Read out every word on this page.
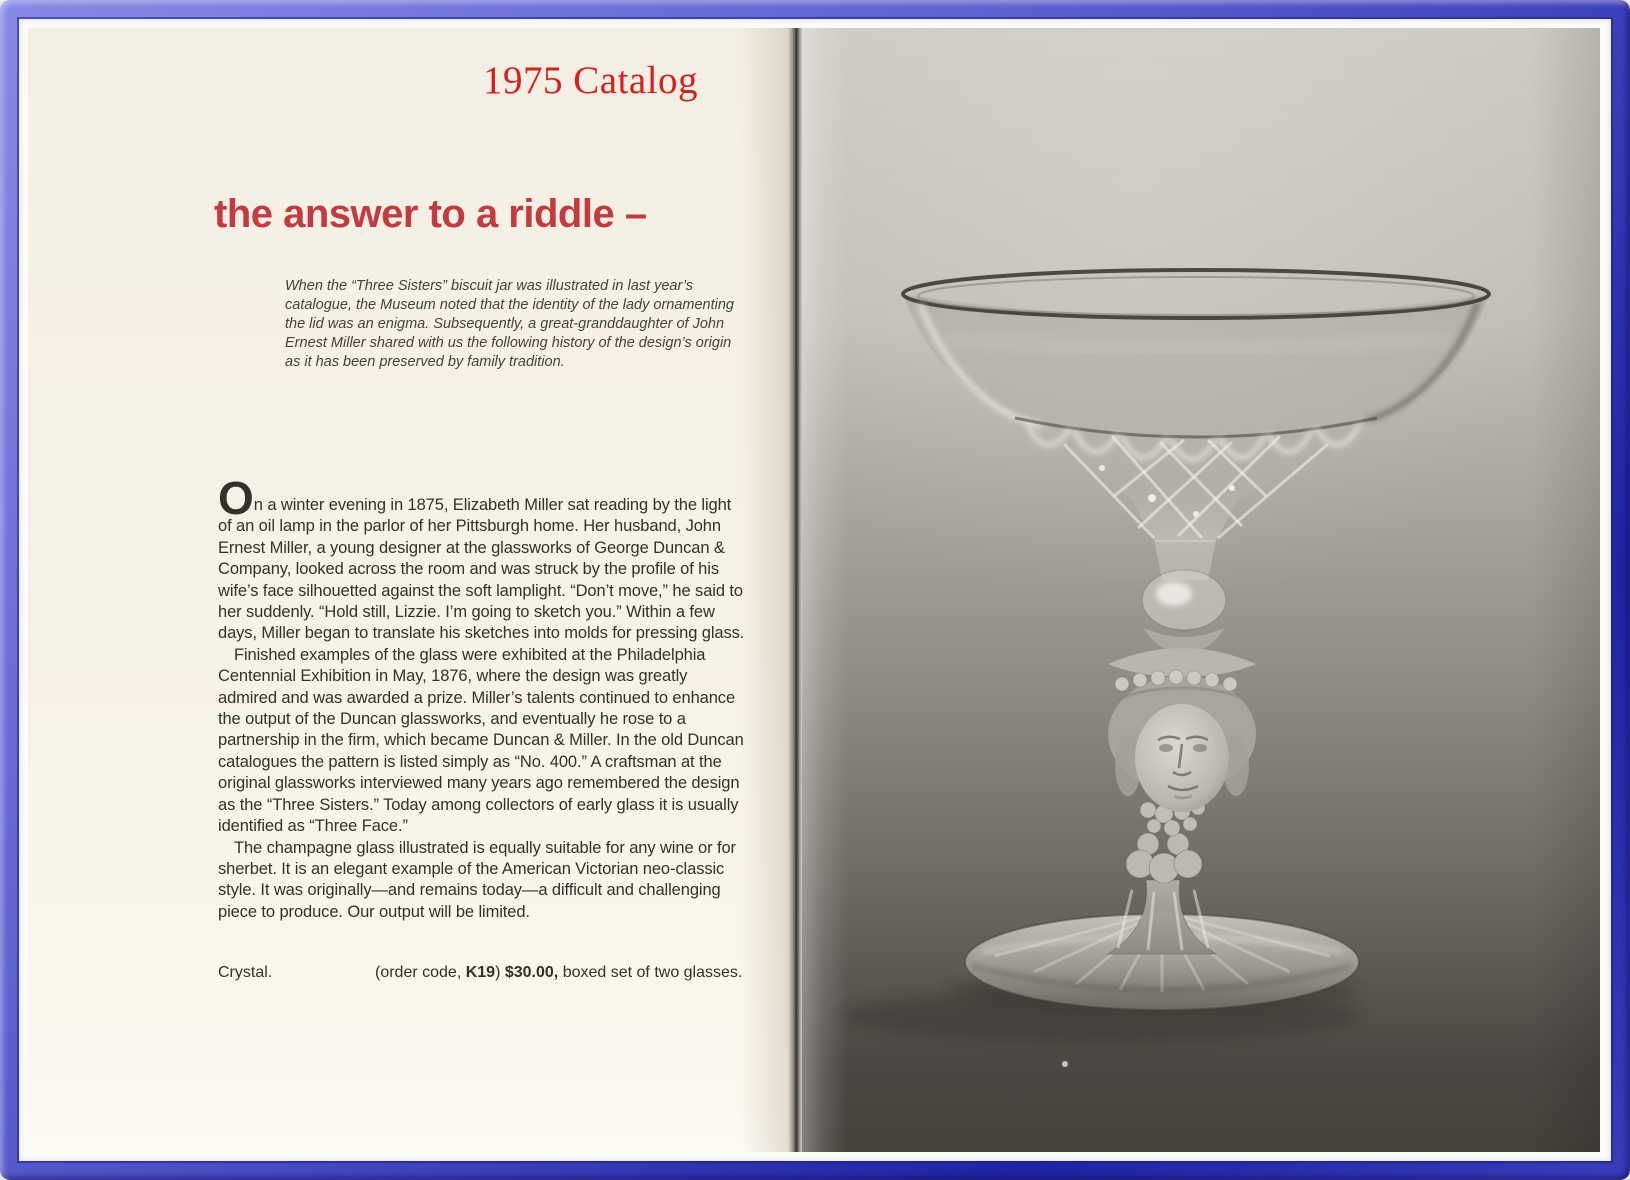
1975 Catalog
the answer to a riddle –

When the “Three Sisters” biscuit jar was illustrated in last year’s catalogue, the Museum noted that the identity of the lady ornamenting the lid was an enigma. Subsequently, a great-granddaughter of John Ernest Miller shared with us the following history of the design’s origin as it has been preserved by family tradition.

On a winter evening in 1875, Elizabeth Miller sat reading by the light of an oil lamp in the parlor of her Pittsburgh home. Her husband, John Ernest Miller, a young designer at the glassworks of George Duncan & Company, looked across the room and was struck by the profile of his wife’s face silhouetted against the soft lamplight. “Don’t move,” he said to her suddenly. “Hold still, Lizzie. I’m going to sketch you.” Within a few days, Miller began to translate his sketches into molds for pressing glass.

Finished examples of the glass were exhibited at the Philadelphia Centennial Exhibition in May, 1876, where the design was greatly admired and was awarded a prize. Miller’s talents continued to enhance the output of the Duncan glassworks, and eventually he rose to a partnership in the firm, which became Duncan & Miller. In the old Duncan catalogues the pattern is listed simply as “No. 400.” A craftsman at the original glassworks interviewed many years ago remembered the design as the “Three Sisters.” Today among collectors of early glass it is usually identified as “Three Face.”

The champagne glass illustrated is equally suitable for any wine or for sherbet. It is an elegant example of the American Victorian neo-classic style. It was originally—and remains today—a difficult and challenging piece to produce. Our output will be limited.

Crystal.	(order code, K19) $30.00, boxed set of two glasses.
